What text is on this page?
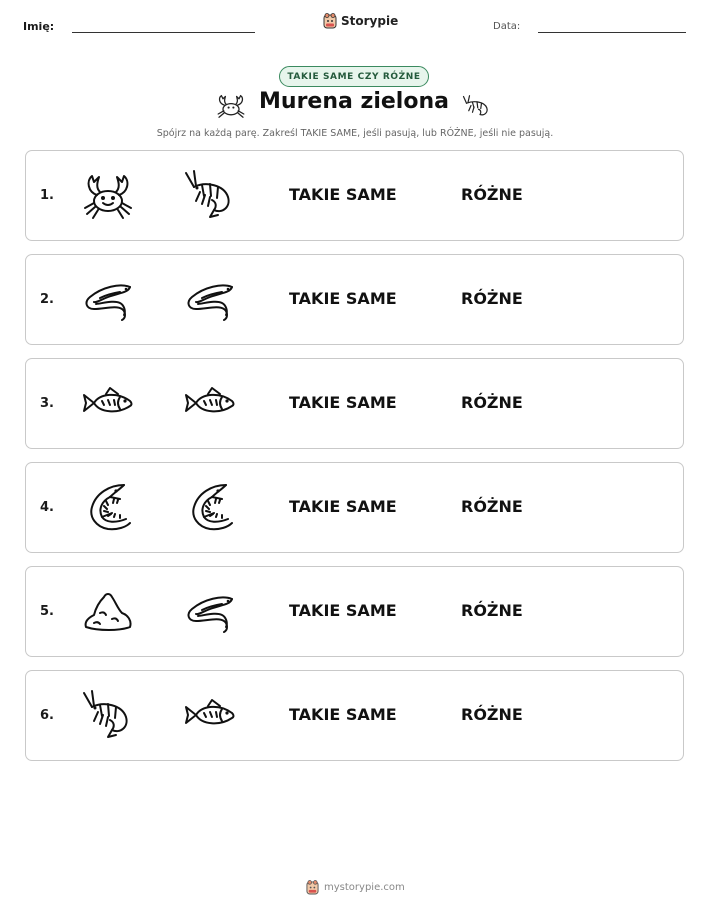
Imię:	Storypie	Data:
TAKIE SAME CZY RÓŻNE
Murena zielona
Spójrz na każdą parę. Zakreśl TAKIE SAME, jeśli pasują, lub RÓŻNE, jeśli nie pasują.
1.	TAKIE SAME	RÓŻNE
2.	TAKIE SAME	RÓŻNE
3.	TAKIE SAME	RÓŻNE
4.	TAKIE SAME	RÓŻNE
5.	TAKIE SAME	RÓŻNE
6.	TAKIE SAME	RÓŻNE
mystorypie.com
